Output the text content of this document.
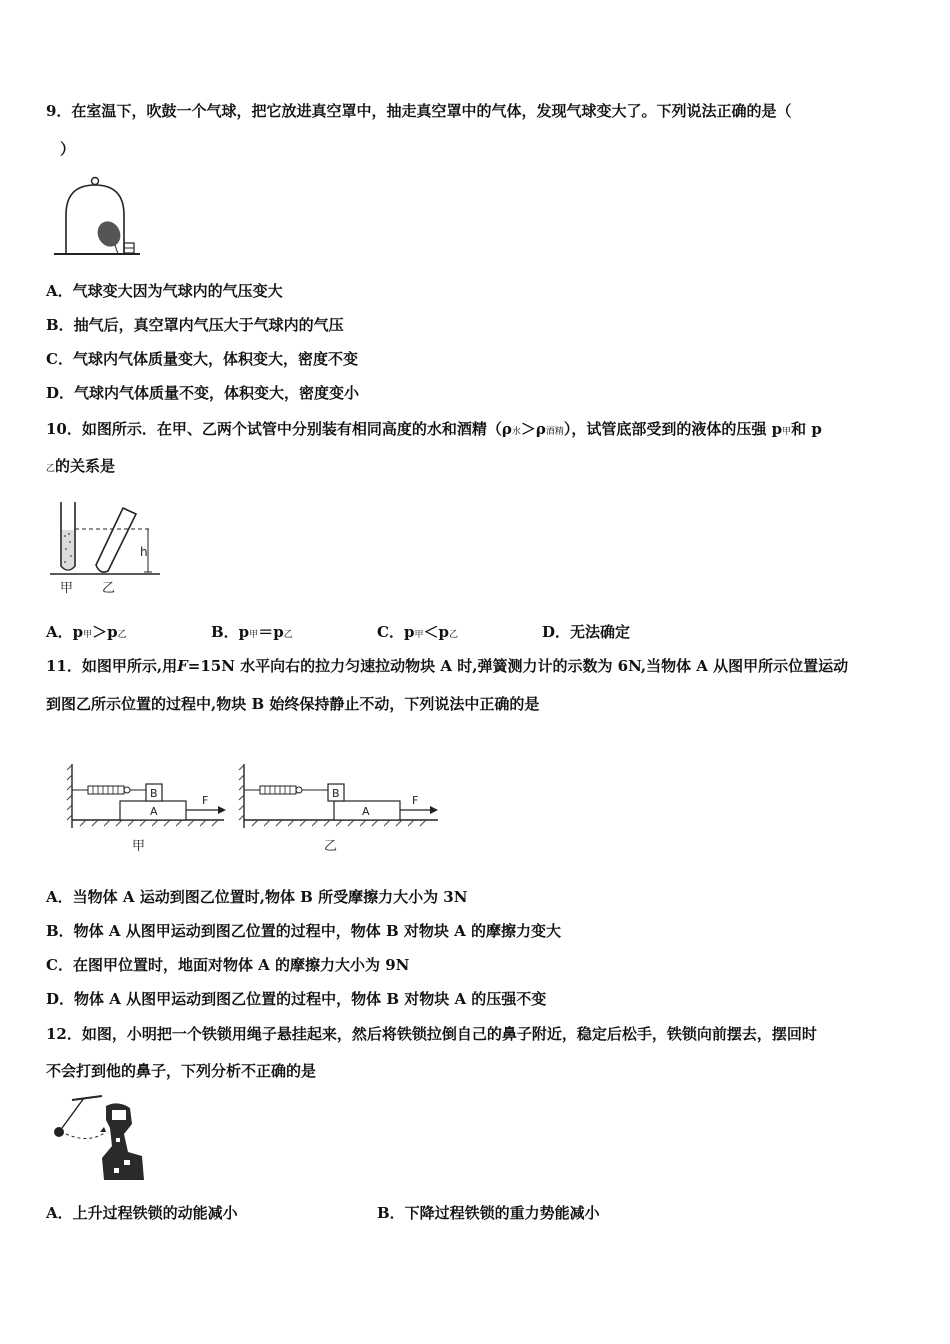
9．在室温下，吹鼓一个气球，把它放进真空罩中，抽走真空罩中的气体，发现气球变大了。下列说法正确的是（
）
A．气球变大因为气球内的气压变大
B．抽气后，真空罩内气压大于气球内的气压
C．气球内气体质量变大，体积变大，密度不变
D．气球内气体质量不变，体积变大，密度变小
10．如图所示．在甲、乙两个试管中分别装有相同高度的水和酒精（ρ水＞ρ酒精），试管底部受到的液体的压强 p甲和 p
乙的关系是
h
甲 乙
A．p甲＞p乙	B．p甲＝p乙	C．p甲＜p乙	D．无法确定
11．如图甲所示,用F=15N 水平向右的拉力匀速拉动物块 A 时,弹簧测力计的示数为 6N,当物体 A 从图甲所示位置运动
到图乙所示位置的过程中,物块 B 始终保持静止不动，下列说法中正确的是
B
A
F
甲
B
A
F
乙
A．当物体 A 运动到图乙位置时,物体 B 所受摩擦力大小为 3N
B．物体 A 从图甲运动到图乙位置的过程中，物体 B 对物块 A 的摩擦力变大
C．在图甲位置时，地面对物体 A 的摩擦力大小为 9N
D．物体 A 从图甲运动到图乙位置的过程中，物体 B 对物块 A 的压强不变
12．如图，小明把一个铁锁用绳子悬挂起来，然后将铁锁拉倒自己的鼻子附近，稳定后松手，铁锁向前摆去，摆回时
不会打到他的鼻子，下列分析不正确的是
A．上升过程铁锁的动能减小	B．下降过程铁锁的重力势能减小
